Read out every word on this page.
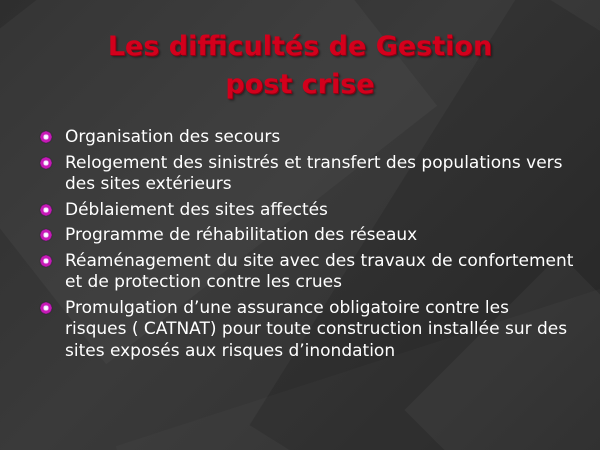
Les difficultés de Gestion
post crise
Organisation des secours
Relogement des sinistrés et transfert des populations vers des sites extérieurs
Déblaiement des sites affectés
Programme de réhabilitation des réseaux
Réaménagement du site avec des travaux de confortement et de protection contre les crues
Promulgation d’une assurance obligatoire contre les risques ( CATNAT) pour toute construction installée sur des sites exposés aux risques d’inondation
